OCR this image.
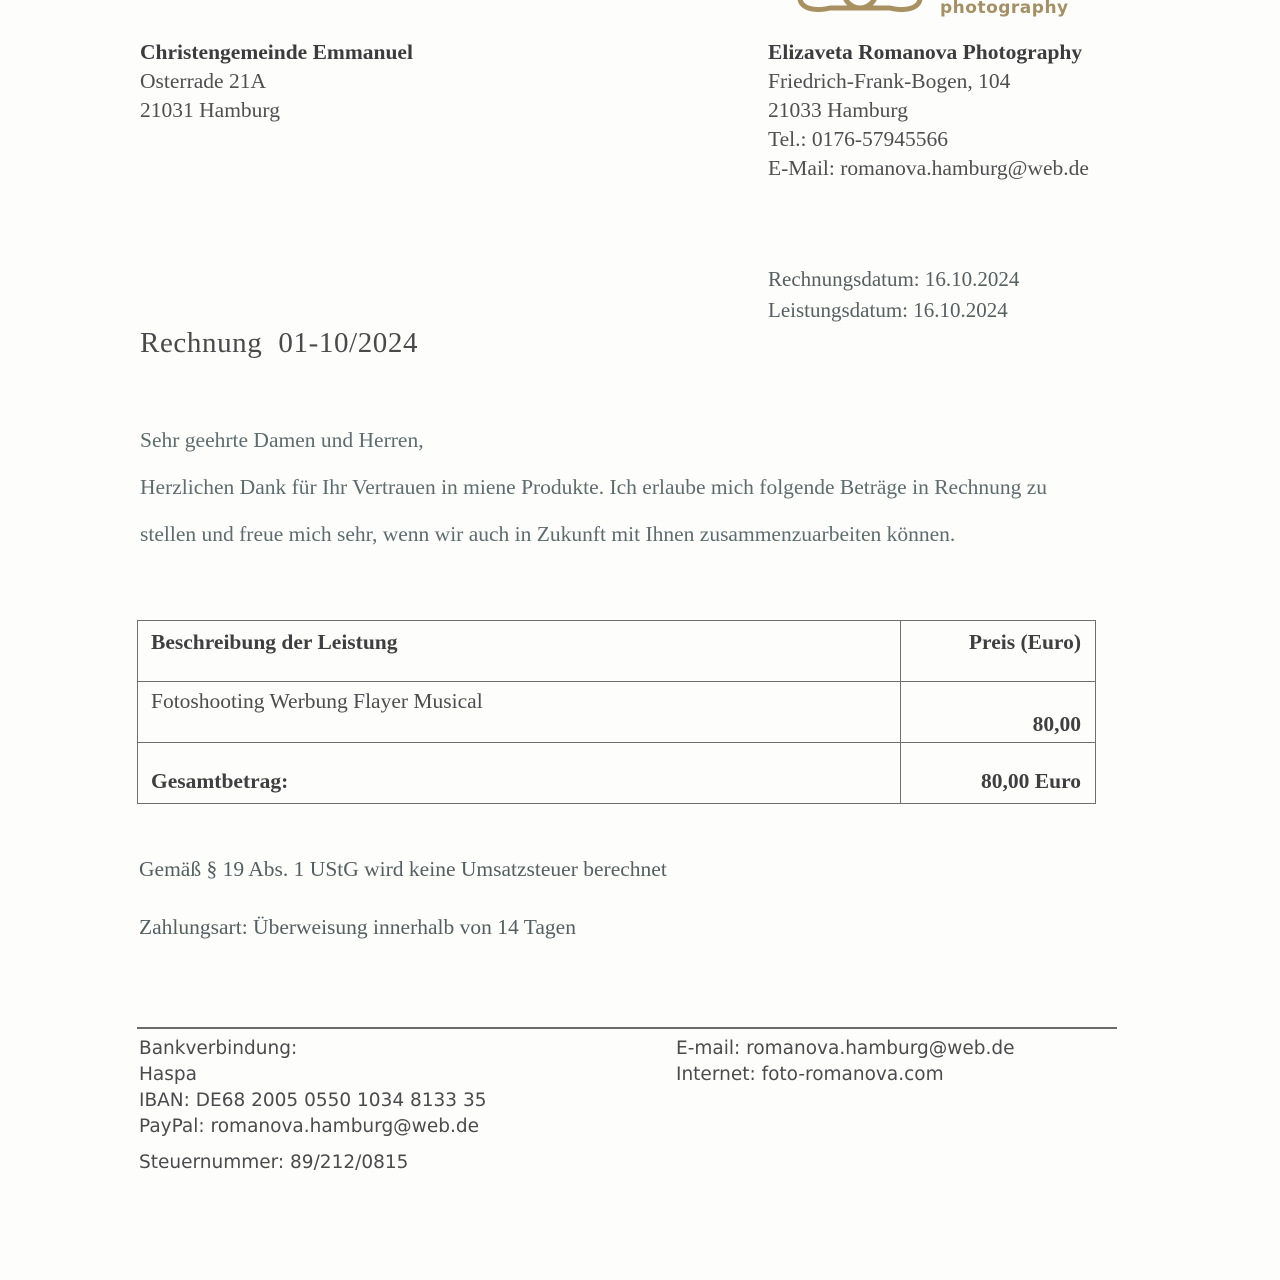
photography
Christengemeinde Emmanuel
Osterrade 21A
21031 Hamburg
Elizaveta Romanova Photography
Friedrich-Frank-Bogen, 104
21033 Hamburg
Tel.: 0176-57945566
E-Mail: romanova.hamburg@web.de
Rechnungsdatum: 16.10.2024
Leistungsdatum: 16.10.2024
Rechnung 01-10/2024

Sehr geehrte Damen und Herren,

Herzlichen Dank für Ihr Vertrauen in miene Produkte. Ich erlaube mich folgende Beträge in Rechnung zu stellen und freue mich sehr, wenn wir auch in Zukunft mit Ihnen zusammenzuarbeiten können.

Beschreibung der Leistung	Preis (Euro)

Fotoshooting Werbung Flayer Musical	80,00

Gesamtbetrag:	80,00 Euro

Gemäß § 19 Abs. 1 UStG wird keine Umsatzsteuer berechnet

Zahlungsart: Überweisung innerhalb von 14 Tagen

Bankverbindung:

Haspa

IBAN: DE68 2005 0550 1034 8133 35

PayPal: romanova.hamburg@web.de

E-mail: romanova.hamburg@web.de

Internet: foto-romanova.com

Steuernummer: 89/212/0815
